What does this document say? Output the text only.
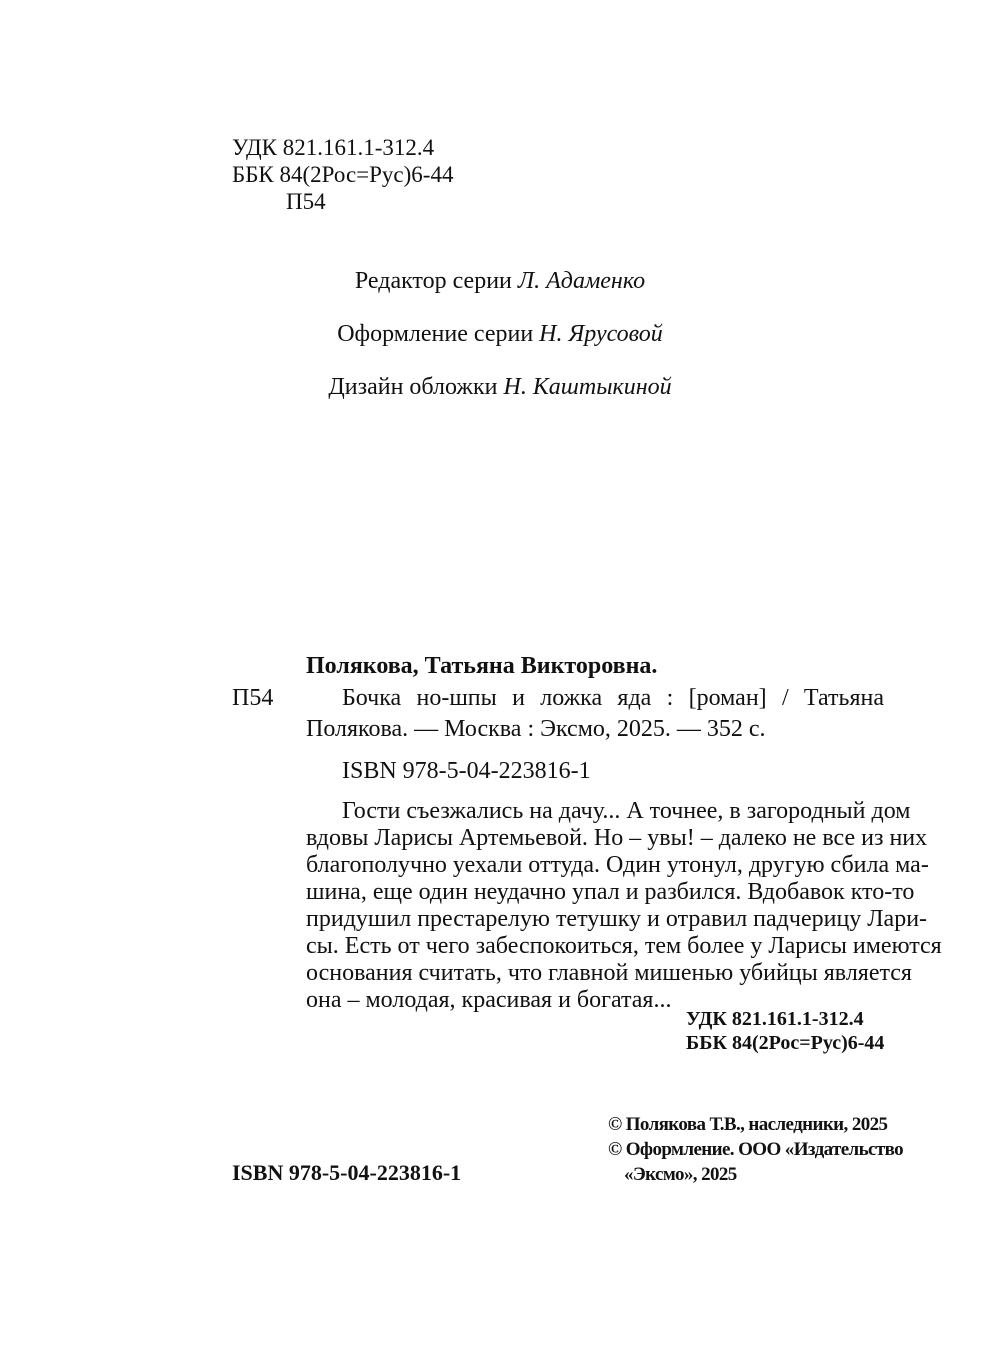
УДК 821.161.1-312.4
ББК 84(2Рос=Рус)6-44
П54
Редактор серии Л. Адаменко
Оформление серии Н. Ярусовой
Дизайн обложки Н. Каштыкиной
Полякова, Татьяна Викторовна.
П54	Бочка но-шпы и ложка яда : [роман] / Татьяна
Полякова. — Москва : Эксмо, 2025. — 352 с.
ISBN 978-5-04-223816-1
Гости съезжались на дачу... А точнее, в загородный дом
вдовы Ларисы Артемьевой. Но – увы! – далеко не все из них
благополучно уехали оттуда. Один утонул, другую сбила ма-
шина, еще один неудачно упал и разбился. Вдобавок кто-то
придушил престарелую тетушку и отравил падчерицу Лари-
сы. Есть от чего забеспокоиться, тем более у Ларисы имеются
основания считать, что главной мишенью убийцы является
она – молодая, красивая и богатая...
УДК 821.161.1-312.4
ББК 84(2Рос=Рус)6-44
© Полякова Т.В., наследники, 2025
© Оформление. ООО «Издательство
«Эксмо», 2025
ISBN 978-5-04-223816-1
